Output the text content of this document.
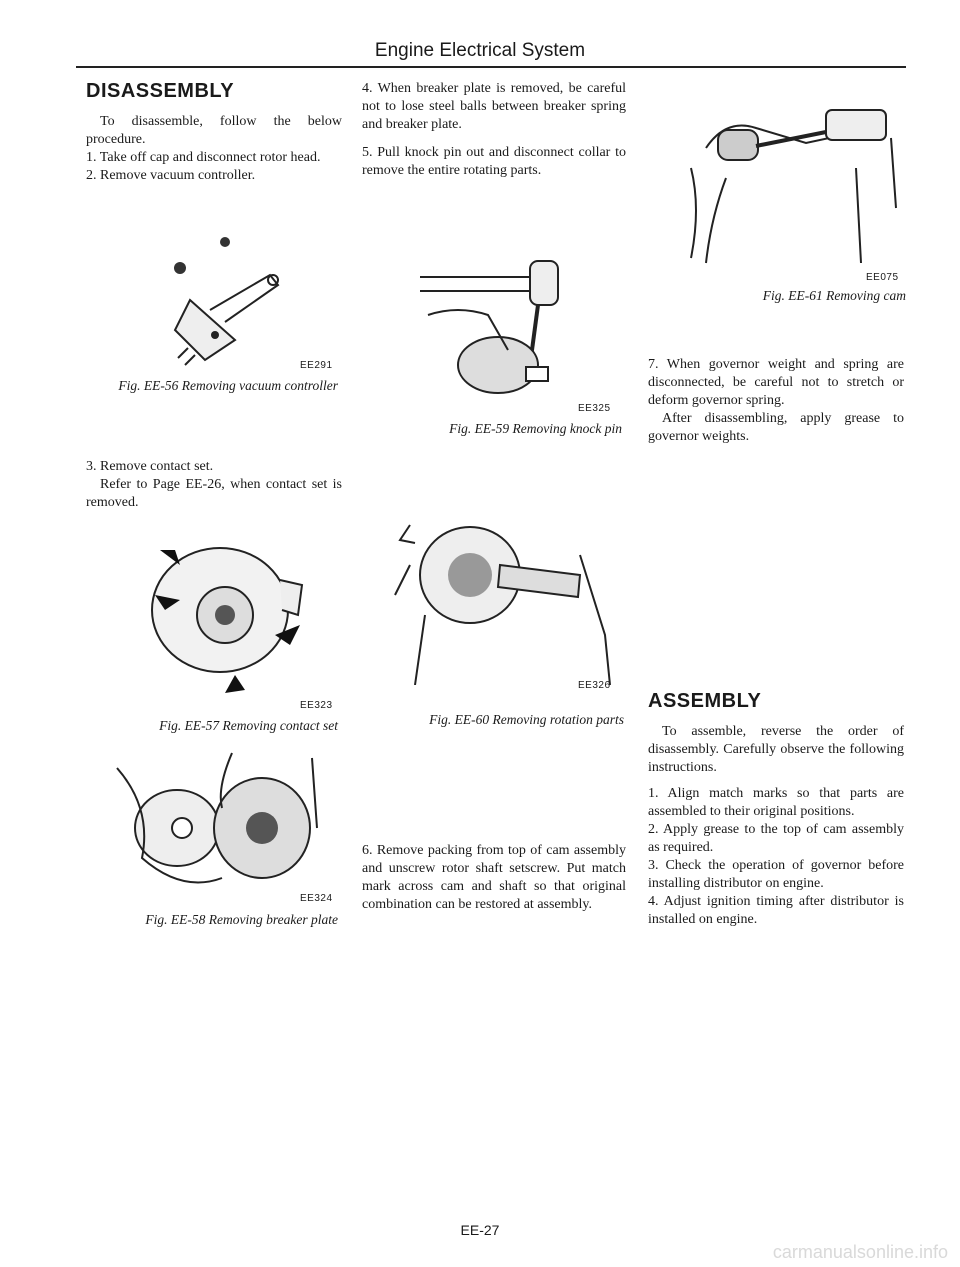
Engine Electrical System
DISASSEMBLY

To disassemble, follow the below procedure.

1. Take off cap and disconnect rotor head.

2. Remove vacuum controller.

3. Remove contact set.

Refer to Page EE-26, when contact set is removed.

EE291
Fig. EE-56 Removing vacuum controller
EE323
Fig. EE-57 Removing contact set
EE324
Fig. EE-58 Removing breaker plate

4. When breaker plate is removed, be careful not to lose steel balls between breaker spring and breaker plate.

5. Pull knock pin out and disconnect collar to remove the entire rotating parts.

EE325
Fig. EE-59 Removing knock pin
EE326
Fig. EE-60 Removing rotation parts

6. Remove packing from top of cam assembly and unscrew rotor shaft setscrew. Put match mark across cam and shaft so that original combination can be restored at assembly.

EE075
Fig. EE-61 Removing cam

7. When governor weight and spring are disconnected, be careful not to stretch or deform governor spring.

After disassembling, apply grease to governor weights.

ASSEMBLY

To assemble, reverse the order of disassembly. Carefully observe the following instructions.

1. Align match marks so that parts are assembled to their original positions.

2. Apply grease to the top of cam assembly as required.

3. Check the operation of governor before installing distributor on engine.

4. Adjust ignition timing after distributor is installed on engine.

EE-27
carmanualsonline.info
